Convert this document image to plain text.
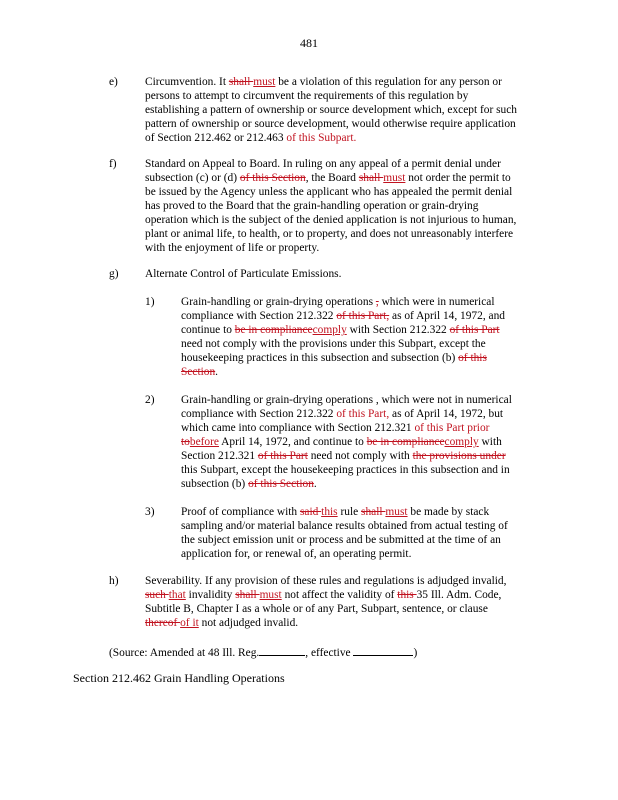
481
e) Circumvention. It shall must be a violation of this regulation for any person or
persons to attempt to circumvent the requirements of this regulation by
establishing a pattern of ownership or source development which, except for such
pattern of ownership or source development, would otherwise require application
of Section 212.462 or 212.463 of this Subpart.
f) Standard on Appeal to Board. In ruling on any appeal of a permit denial under
subsection (c) or (d) of this Section, the Board shall must not order the permit to
be issued by the Agency unless the applicant who has appealed the permit denial
has proved to the Board that the grain-handling operation or grain-drying
operation which is the subject of the denied application is not injurious to human,
plant or animal life, to health, or to property, and does not unreasonably interfere
with the enjoyment of life or property.
g) Alternate Control of Particulate Emissions.
1) Grain-handling or grain-drying operations , which were in numerical
compliance with Section 212.322 of this Part, as of April 14, 1972, and
continue to be in compliancecomply with Section 212.322 of this Part
need not comply with the provisions under this Subpart, except the
housekeeping practices in this subsection and subsection (b) of this
Section.
2) Grain-handling or grain-drying operations , which were not in numerical
compliance with Section 212.322 of this Part, as of April 14, 1972, but
which came into compliance with Section 212.321 of this Part prior
tobefore April 14, 1972, and continue to be in compliancecomply with
Section 212.321 of this Part need not comply with the provisions under
this Subpart, except the housekeeping practices in this subsection and in
subsection (b) of this Section.
3) Proof of compliance with said this rule shall must be made by stack
sampling and/or material balance results obtained from actual testing of
the subject emission unit or process and be submitted at the time of an
application for, or renewal of, an operating permit.
h) Severability. If any provision of these rules and regulations is adjudged invalid,
such that invalidity shall must not affect the validity of this 35 Ill. Adm. Code,
Subtitle B, Chapter I as a whole or of any Part, Subpart, sentence, or clause
thereof of it not adjudged invalid.
(Source: Amended at 48 Ill. Reg.	, effective	)
Section 212.462 Grain Handling Operations
